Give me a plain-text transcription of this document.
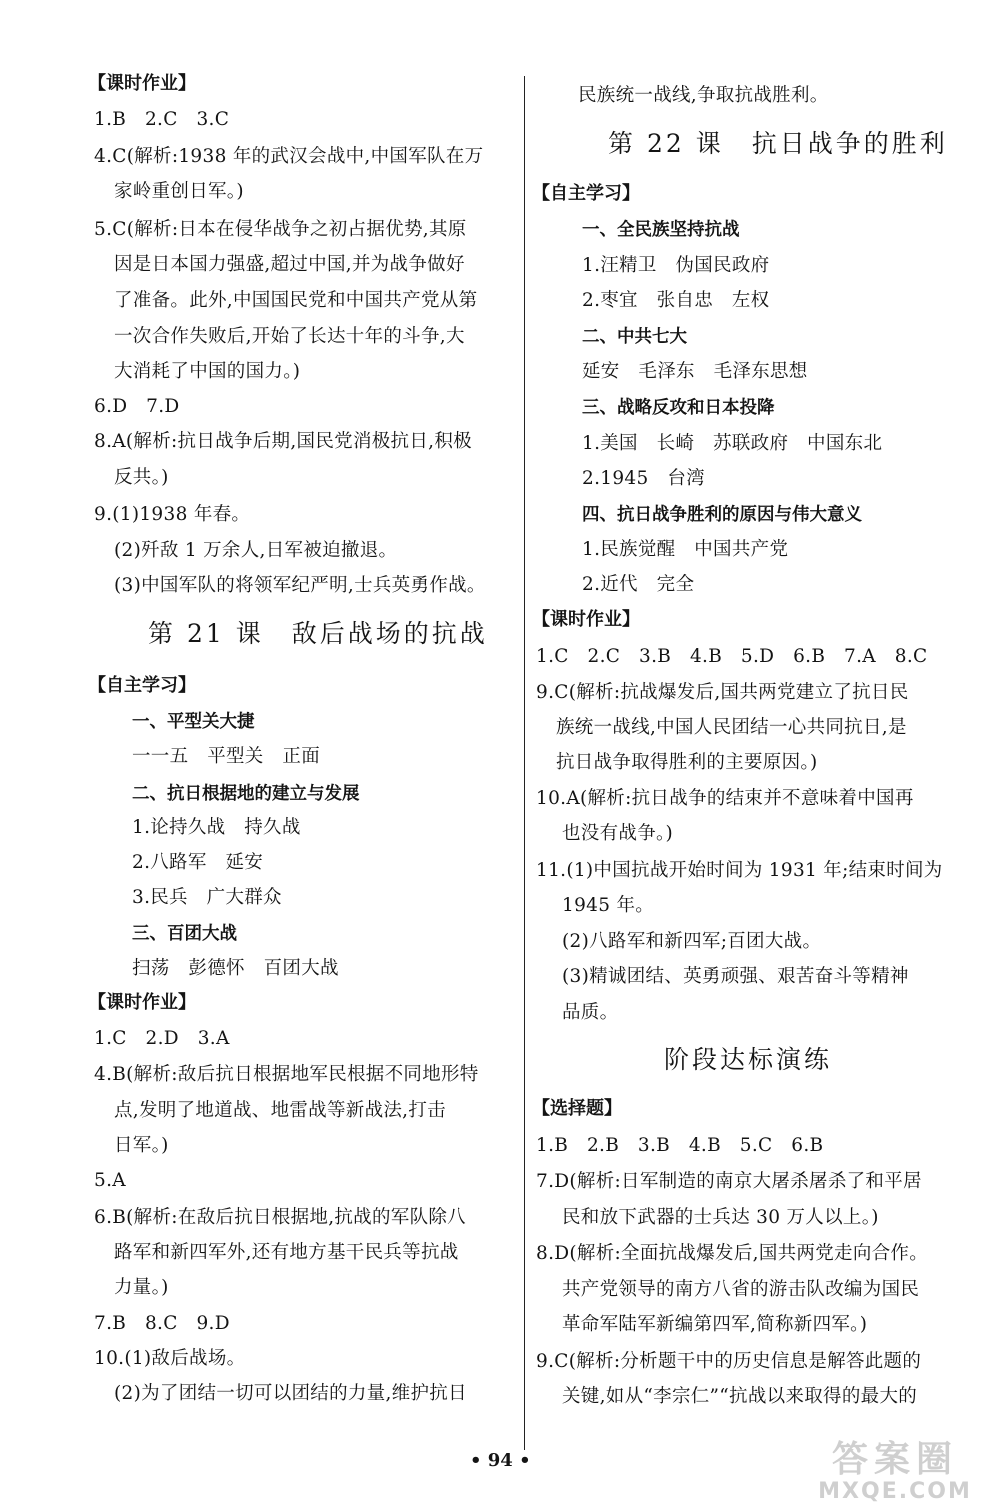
【课时作业】
1.B　2.C　3.C
4.C(解析:1938 年的武汉会战中,中国军队在万
家岭重创日军。)
5.C(解析:日本在侵华战争之初占据优势,其原
因是日本国力强盛,超过中国,并为战争做好
了准备。此外,中国国民党和中国共产党从第
一次合作失败后,开始了长达十年的斗争,大
大消耗了中国的国力。)
6.D　7.D
8.A(解析:抗日战争后期,国民党消极抗日,积极
反共。)
9.(1)1938 年春。
(2)歼敌 1 万余人,日军被迫撤退。
(3)中国军队的将领军纪严明,士兵英勇作战。
第 21 课　敌后战场的抗战
【自主学习】
一、平型关大捷
一一五　平型关　正面
二、抗日根据地的建立与发展
1.论持久战　持久战
2.八路军　延安
3.民兵　广大群众
三、百团大战
扫荡　彭德怀　百团大战
【课时作业】
1.C　2.D　3.A
4.B(解析:敌后抗日根据地军民根据不同地形特
点,发明了地道战、地雷战等新战法,打击
日军。)
5.A
6.B(解析:在敌后抗日根据地,抗战的军队除八
路军和新四军外,还有地方基干民兵等抗战
力量。)
7.B　8.C　9.D
10.(1)敌后战场。
(2)为了团结一切可以团结的力量,维护抗日
民族统一战线,争取抗战胜利。
第 22 课　抗日战争的胜利
【自主学习】
一、全民族坚持抗战
1.汪精卫　伪国民政府
2.枣宜　张自忠　左权
二、中共七大
延安　毛泽东　毛泽东思想
三、战略反攻和日本投降
1.美国　长崎　苏联政府　中国东北
2.1945　台湾
四、抗日战争胜利的原因与伟大意义
1.民族觉醒　中国共产党
2.近代　完全
【课时作业】
1.C　2.C　3.B　4.B　5.D　6.B　7.A　8.C
9.C(解析:抗战爆发后,国共两党建立了抗日民
族统一战线,中国人民团结一心共同抗日,是
抗日战争取得胜利的主要原因。)
10.A(解析:抗日战争的结束并不意味着中国再
也没有战争。)
11.(1)中国抗战开始时间为 1931 年;结束时间为
1945 年。
(2)八路军和新四军;百团大战。
(3)精诚团结、英勇顽强、艰苦奋斗等精神
品质。
阶段达标演练
【选择题】
1.B　2.B　3.B　4.B　5.C　6.B
7.D(解析:日军制造的南京大屠杀屠杀了和平居
民和放下武器的士兵达 30 万人以上。)
8.D(解析:全面抗战爆发后,国共两党走向合作。
共产党领导的南方八省的游击队改编为国民
革命军陆军新编第四军,简称新四军。)
9.C(解析:分析题干中的历史信息是解答此题的
关键,如从“李宗仁”“抗战以来取得的最大的
• 94 •	答案圈
MXQE.COM
